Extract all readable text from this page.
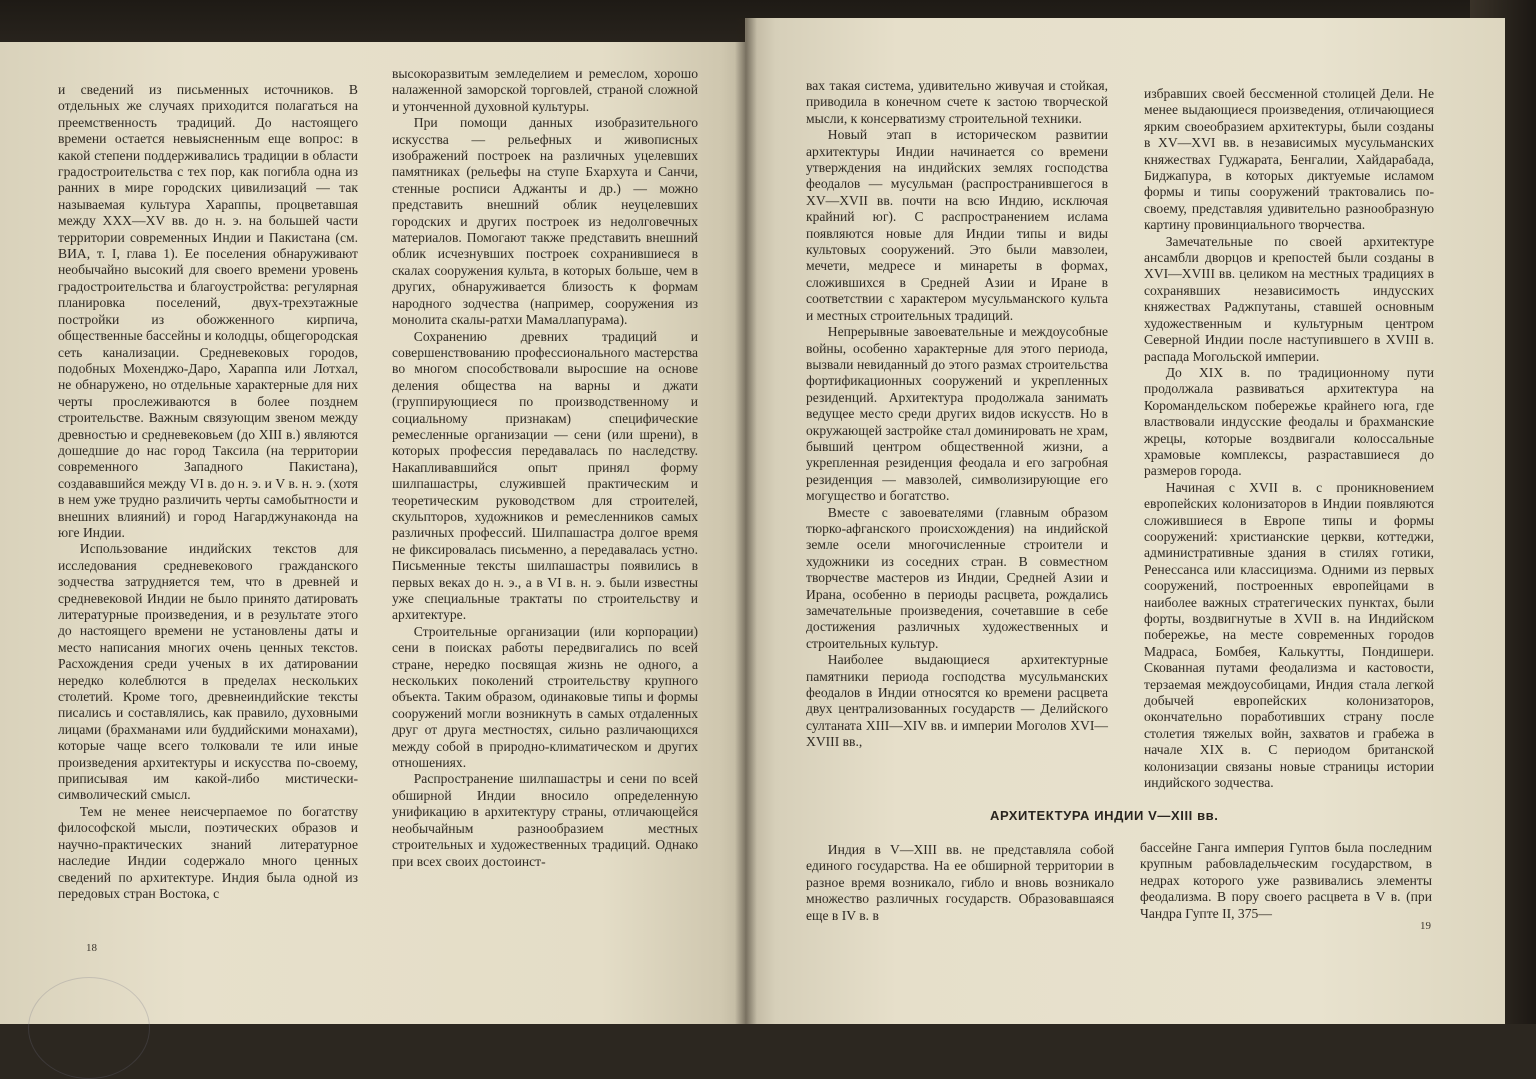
и сведений из письменных источников. В отдельных же случаях приходится полагаться на преемственность традиций. До настоящего времени остается невыясненным еще вопрос: в какой степени поддерживались традиции в области градостроительства с тех пор, как погибла одна из ранних в мире городских цивилизаций — так называемая культура Хараппы, процветавшая между XXX—XV вв. до н. э. на большей части территории современных Индии и Пакистана (см. ВИА, т. I, глава 1). Ее поселения обнаруживают необычайно высокий для своего времени уровень градостроительства и благоустройства: регулярная планировка поселений, двух-трехэтажные постройки из обожженного кирпича, общественные бассейны и колодцы, общегородская сеть канализации. Средневековых городов, подобных Мохенджо-Даро, Хараппа или Лотхал, не обнаружено, но отдельные характерные для них черты прослеживаются в более позднем строительстве. Важным связующим звеном между древностью и средневековьем (до XIII в.) являются дошедшие до нас город Таксила (на территории современного Западного Пакистана), создававшийся между VI в. до н. э. и V в. н. э. (хотя в нем уже трудно различить черты самобытности и внешних влияний) и город Нагарджунаконда на юге Индии.

Использование индийских текстов для исследования средневекового гражданского зодчества затрудняется тем, что в древней и средневековой Индии не было принято датировать литературные произведения, и в результате этого до настоящего времени не установлены даты и место написания многих очень ценных текстов. Расхождения среди ученых в их датировании нередко колеблются в пределах нескольких столетий. Кроме того, древнеиндийские тексты писались и составлялись, как правило, духовными лицами (брахманами или буддийскими монахами), которые чаще всего толковали те или иные произведения архитектуры и искусства по-своему, приписывая им какой-либо мистически-символический смысл.

Тем не менее неисчерпаемое по богатству философской мысли, поэтических образов и научно-практических знаний литературное наследие Индии содержало много ценных сведений по архитектуре. Индия была одной из передовых стран Востока, с

высокоразвитым земледелием и ремеслом, хорошо налаженной заморской торговлей, страной сложной и утонченной духовной культуры.

При помощи данных изобразительного искусства — рельефных и живописных изображений построек на различных уцелевших памятниках (рельефы на ступе Бхархута и Санчи, стенные росписи Аджанты и др.) — можно представить внешний облик неуцелевших городских и других построек из недолговечных материалов. Помогают также представить внешний облик исчезнувших построек сохранившиеся в скалах сооружения культа, в которых больше, чем в других, обнаруживается близость к формам народного зодчества (например, сооружения из монолита скалы-ратхи Мамаллапурама).

Сохранению древних традиций и совершенствованию профессионального мастерства во многом способствовали выросшие на основе деления общества на варны и джати (группирующиеся по производственному и социальному признакам) специфические ремесленные организации — сени (или шрени), в которых профессия передавалась по наследству. Накапливавшийся опыт принял форму шилпашастры, служившей практическим и теоретическим руководством для строителей, скульпторов, художников и ремесленников самых различных профессий. Шилпашастра долгое время не фиксировалась письменно, а передавалась устно. Письменные тексты шилпашастры появились в первых веках до н. э., а в VI в. н. э. были известны уже специальные трактаты по строительству и архитектуре.

Строительные организации (или корпорации) сени в поисках работы передвигались по всей стране, нередко посвящая жизнь не одного, а нескольких поколений строительству крупного объекта. Таким образом, одинаковые типы и формы сооружений могли возникнуть в самых отдаленных друг от друга местностях, сильно различающихся между собой в природно-климатическом и других отношениях.

Распространение шилпашастры и сени по всей обширной Индии вносило определенную унификацию в архитектуру страны, отличающейся необычайным разнообразием местных строительных и художественных традиций. Однако при всех своих достоинст-

18

вах такая система, удивительно живучая и стойкая, приводила в конечном счете к застою творческой мысли, к консерватизму строительной техники.

Новый этап в историческом развитии архитектуры Индии начинается со времени утверждения на индийских землях господства феодалов — мусульман (распространившегося в XV—XVII вв. почти на всю Индию, исключая крайний юг). С распространением ислама появляются новые для Индии типы и виды культовых сооружений. Это были мавзолеи, мечети, медресе и минареты в формах, сложившихся в Средней Азии и Иране в соответствии с характером мусульманского культа и местных строительных традиций.

Непрерывные завоевательные и междоусобные войны, особенно характерные для этого периода, вызвали невиданный до этого размах строительства фортификационных сооружений и укрепленных резиденций. Архитектура продолжала занимать ведущее место среди других видов искусств. Но в окружающей застройке стал доминировать не храм, бывший центром общественной жизни, а укрепленная резиденция феодала и его загробная резиденция — мавзолей, символизирующие его могущество и богатство.

Вместе с завоевателями (главным образом тюрко-афганского происхождения) на индийской земле осели многочисленные строители и художники из соседних стран. В совместном творчестве мастеров из Индии, Средней Азии и Ирана, особенно в периоды расцвета, рождались замечательные произведения, сочетавшие в себе достижения различных художественных и строительных культур.

Наиболее выдающиеся архитектурные памятники периода господства мусульманских феодалов в Индии относятся ко времени расцвета двух централизованных государств — Делийского султаната XIII—XIV вв. и империи Моголов XVI—XVIII вв.,

избравших своей бессменной столицей Дели. Не менее выдающиеся произведения, отличающиеся ярким своеобразием архитектуры, были созданы в XV—XVI вв. в независимых мусульманских княжествах Гуджарата, Бенгалии, Хайдарабада, Биджапура, в которых диктуемые исламом формы и типы сооружений трактовались по-своему, представляя удивительно разнообразную картину провинциального творчества.

Замечательные по своей архитектуре ансамбли дворцов и крепостей были созданы в XVI—XVIII вв. целиком на местных традициях в сохранявших независимость индусских княжествах Раджпутаны, ставшей основным художественным и культурным центром Северной Индии после наступившего в XVIII в. распада Могольской империи.

До XIX в. по традиционному пути продолжала развиваться архитектура на Коромандельском побережье крайнего юга, где властвовали индусские феодалы и брахманские жрецы, которые воздвигали колоссальные храмовые комплексы, разраставшиеся до размеров города.

Начиная с XVII в. с проникновением европейских колонизаторов в Индии появляются сложившиеся в Европе типы и формы сооружений: христианские церкви, коттеджи, административные здания в стилях готики, Ренессанса или классицизма. Одними из первых сооружений, построенных европейцами в наиболее важных стратегических пунктах, были форты, воздвигнутые в XVII в. на Индийском побережье, на месте современных городов Мадраса, Бомбея, Калькутты, Пондишери. Скованная путами феодализма и кастовости, терзаемая междоусобицами, Индия стала легкой добычей европейских колонизаторов, окончательно поработивших страну после столетия тяжелых войн, захватов и грабежа в начале XIX в. С периодом британской колонизации связаны новые страницы истории индийского зодчества.

АРХИТЕКТУРА ИНДИИ V—XIII вв.

Индия в V—XIII вв. не представляла собой единого государства. На ее обширной территории в разное время возникало, гибло и вновь возникало множество различных государств. Образовавшаяся еще в IV в. в

бассейне Ганга империя Гуптов была последним крупным рабовладельческим государством, в недрах которого уже развивались элементы феодализма. В пору своего расцвета в V в. (при Чандра Гупте II, 375—

19
